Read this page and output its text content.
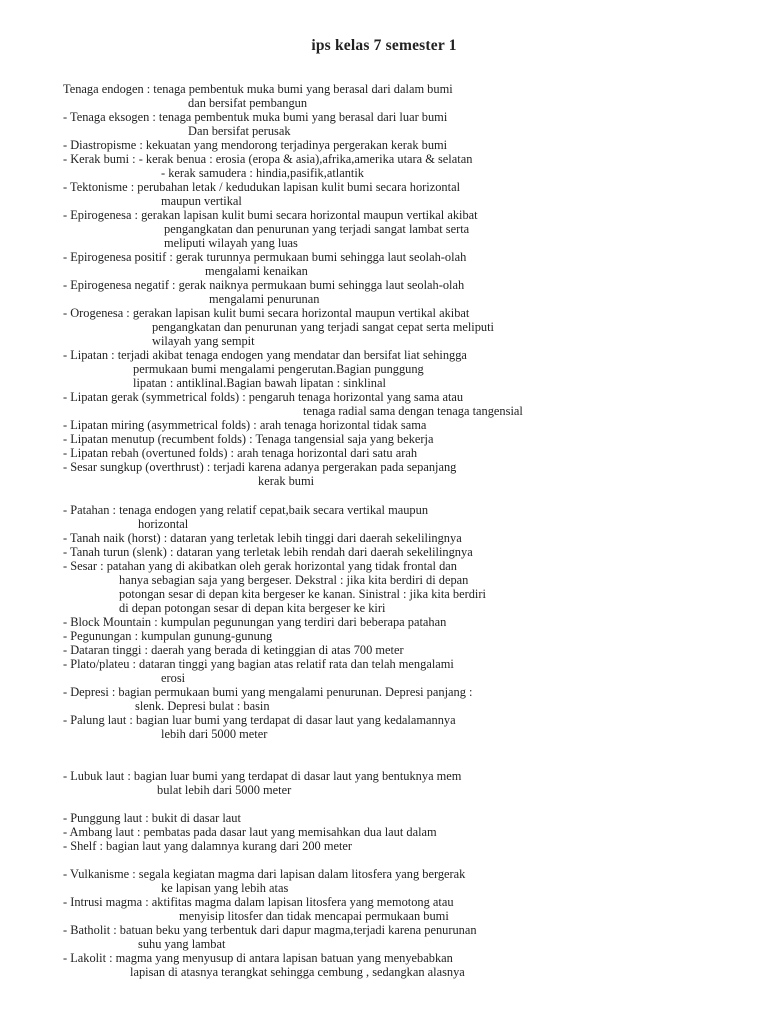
ips kelas 7 semester 1
Tenaga endogen : tenaga pembentuk muka bumi yang berasal dari dalam bumi
dan bersifat pembangun
- Tenaga eksogen : tenaga pembentuk muka bumi yang berasal dari luar bumi
Dan bersifat perusak
- Diastropisme : kekuatan yang mendorong terjadinya pergerakan kerak bumi
- Kerak bumi : - kerak benua : erosia (eropa & asia),afrika,amerika utara & selatan
- kerak samudera : hindia,pasifik,atlantik
- Tektonisme : perubahan letak / kedudukan lapisan kulit bumi secara horizontal
maupun vertikal
- Epirogenesa : gerakan lapisan kulit bumi secara horizontal maupun vertikal akibat
pengangkatan dan penurunan yang terjadi sangat lambat serta
meliputi wilayah yang luas
- Epirogenesa positif : gerak turunnya permukaan bumi sehingga laut seolah-olah
mengalami kenaikan
- Epirogenesa negatif : gerak naiknya permukaan bumi sehingga laut seolah-olah
mengalami penurunan
- Orogenesa : gerakan lapisan kulit bumi secara horizontal maupun vertikal akibat
pengangkatan dan penurunan yang terjadi sangat cepat serta meliputi
wilayah yang sempit
- Lipatan : terjadi akibat tenaga endogen yang mendatar dan bersifat liat sehingga
permukaan bumi mengalami pengerutan.Bagian punggung
lipatan : antiklinal.Bagian bawah lipatan : sinklinal
- Lipatan gerak (symmetrical folds) : pengaruh tenaga horizontal yang sama atau
tenaga radial sama dengan tenaga tangensial
- Lipatan miring (asymmetrical folds) : arah tenaga horizontal tidak sama
- Lipatan menutup (recumbent folds) : Tenaga tangensial saja yang bekerja
- Lipatan rebah (overtuned folds) : arah tenaga horizontal dari satu arah
- Sesar sungkup (overthrust) : terjadi karena adanya pergerakan pada sepanjang
kerak bumi
- Patahan : tenaga endogen yang relatif cepat,baik secara vertikal maupun
horizontal
- Tanah naik (horst) : dataran yang terletak lebih tinggi dari daerah sekelilingnya
- Tanah turun (slenk) : dataran yang terletak lebih rendah dari daerah sekelilingnya
- Sesar : patahan yang di akibatkan oleh gerak horizontal yang tidak frontal dan
hanya sebagian saja yang bergeser. Dekstral : jika kita berdiri di depan
potongan sesar di depan kita bergeser ke kanan. Sinistral : jika kita berdiri
di depan potongan sesar di depan kita bergeser ke kiri
- Block Mountain : kumpulan pegunungan yang terdiri dari beberapa patahan
- Pegunungan : kumpulan gunung-gunung
- Dataran tinggi : daerah yang berada di ketinggian di atas 700 meter
- Plato/plateu : dataran tinggi yang bagian atas relatif rata dan telah mengalami
erosi
- Depresi : bagian permukaan bumi yang mengalami penurunan. Depresi panjang :
slenk. Depresi bulat : basin
- Palung laut : bagian luar bumi yang terdapat di dasar laut yang kedalamannya
lebih dari 5000 meter
- Lubuk laut : bagian luar bumi yang terdapat di dasar laut yang bentuknya mem
bulat lebih dari 5000 meter
- Punggung laut : bukit di dasar laut
- Ambang laut : pembatas pada dasar laut yang memisahkan dua laut dalam
- Shelf : bagian laut yang dalamnya kurang dari 200 meter
- Vulkanisme : segala kegiatan magma dari lapisan dalam litosfera yang bergerak
ke lapisan yang lebih atas
- Intrusi magma : aktifitas magma dalam lapisan litosfera yang memotong atau
menyisip litosfer dan tidak mencapai permukaan bumi
- Batholit : batuan beku yang terbentuk dari dapur magma,terjadi karena penurunan
suhu yang lambat
- Lakolit : magma yang menyusup di antara lapisan batuan yang menyebabkan
lapisan di atasnya terangkat sehingga cembung , sedangkan alasnya
